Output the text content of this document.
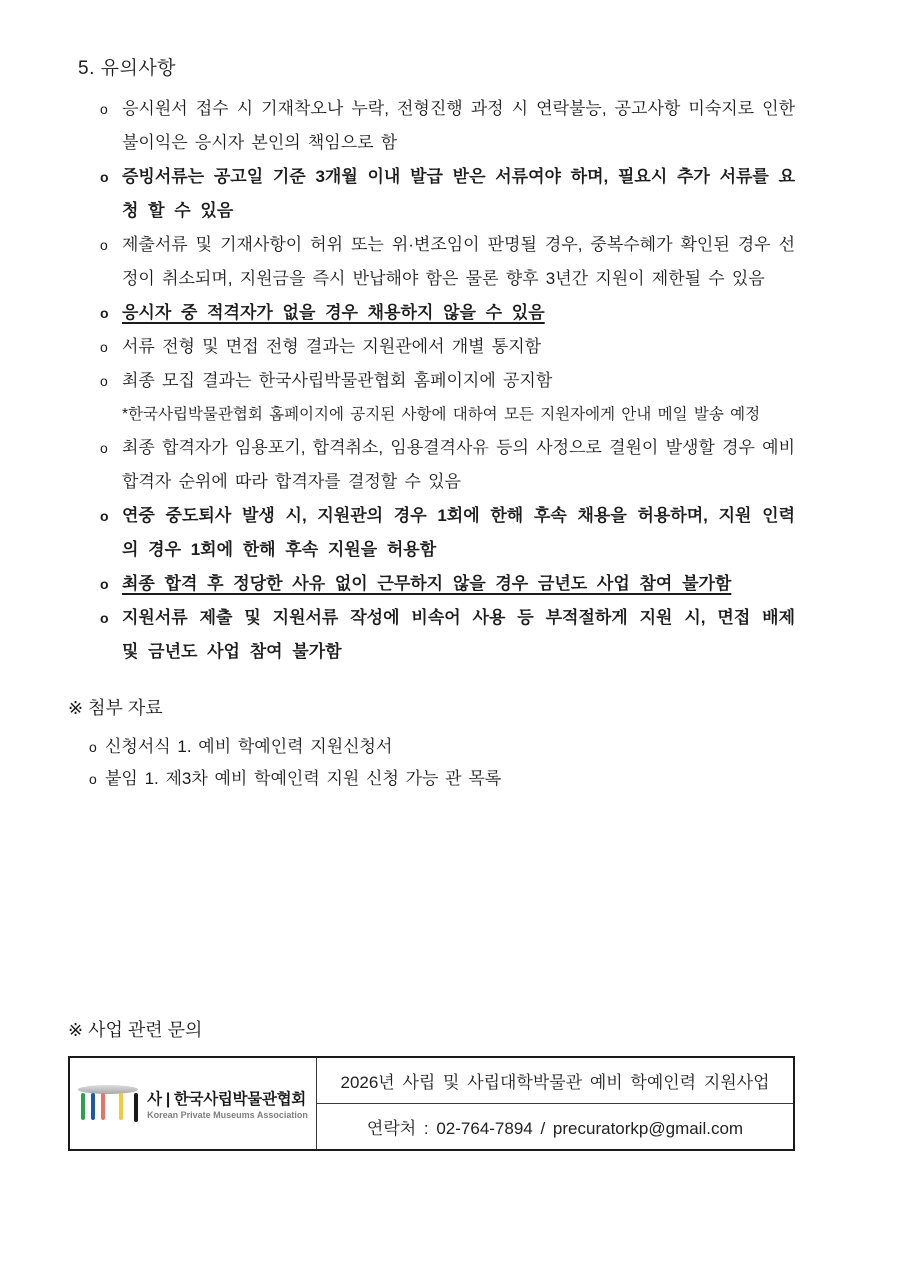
5. 유의사항
o 응시원서 접수 시 기재착오나 누락, 전형진행 과정 시 연락불능, 공고사항 미숙지로 인한 불이익은 응시자 본인의 책임으로 함
o 증빙서류는 공고일 기준 3개월 이내 발급 받은 서류여야 하며, 필요시 추가 서류를 요청 할 수 있음
o 제출서류 및 기재사항이 허위 또는 위·변조임이 판명될 경우, 중복수혜가 확인된 경우 선정이 취소되며, 지원금을 즉시 반납해야 함은 물론 향후 3년간 지원이 제한될 수 있음
o 응시자 중 적격자가 없을 경우 채용하지 않을 수 있음
o 서류 전형 및 면접 전형 결과는 지원관에서 개별 통지함
o 최종 모집 결과는 한국사립박물관협회 홈페이지에 공지함
*한국사립박물관협회 홈페이지에 공지된 사항에 대하여 모든 지원자에게 안내 메일 발송 예정
o 최종 합격자가 임용포기, 합격취소, 임용결격사유 등의 사정으로 결원이 발생할 경우 예비 합격자 순위에 따라 합격자를 결정할 수 있음
o 연중 중도퇴사 발생 시, 지원관의 경우 1회에 한해 후속 채용을 허용하며, 지원 인력의 경우 1회에 한해 후속 지원을 허용함
o 최종 합격 후 정당한 사유 없이 근무하지 않을 경우 금년도 사업 참여 불가함
o 지원서류 제출 및 지원서류 작성에 비속어 사용 등 부적절하게 지원 시, 면접 배제 및 금년도 사업 참여 불가함
※ 첨부 자료
o 신청서식 1. 예비 학예인력 지원신청서
o 붙임 1. 제3차 예비 학예인력 지원 신청 가능 관 목록
※ 사업 관련 문의
사 | 한국사립박물관협회
Korean Private Museums Association
	2026년 사립 및 사립대학박물관 예비 학예인력 지원사업
연락처 : 02-764-7894 / precuratorkp@gmail.com
